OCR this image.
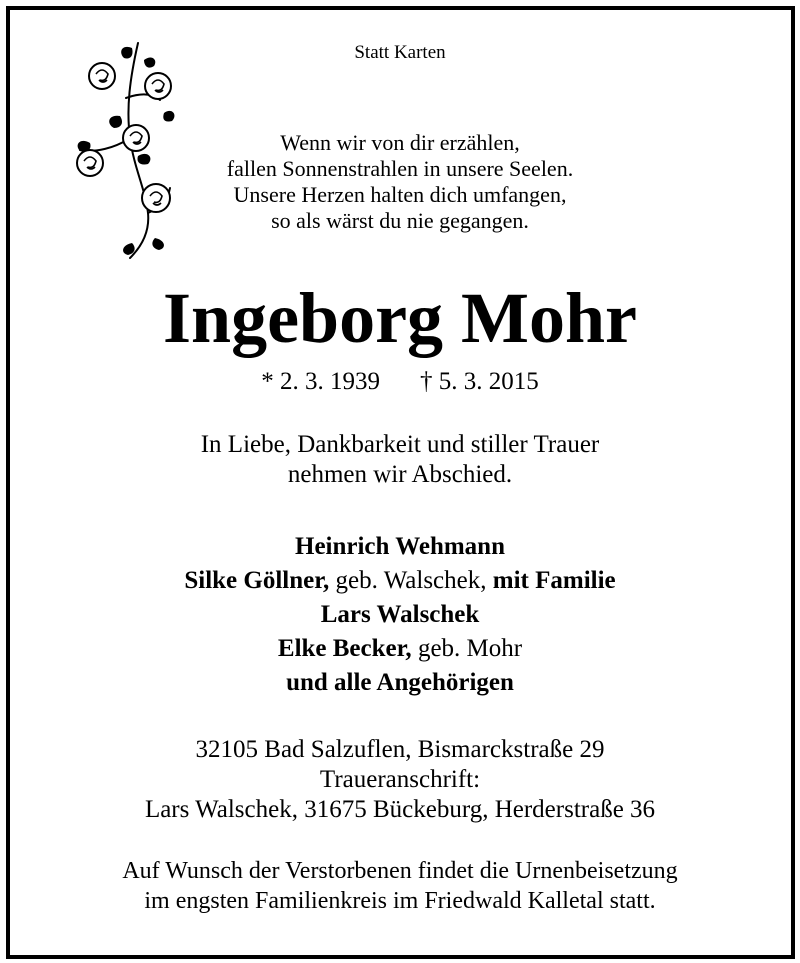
Statt Karten
Wenn wir von dir erzählen,
fallen Sonnenstrahlen in unsere Seelen.
Unsere Herzen halten dich umfangen,
so als wärst du nie gegangen.
Ingeborg Mohr
* 2. 3. 1939 † 5. 3. 2015
In Liebe, Dankbarkeit und stiller Trauer
nehmen wir Abschied.
Heinrich Wehmann
Silke Göllner, geb. Walschek, mit Familie
Lars Walschek
Elke Becker, geb. Mohr
und alle Angehörigen
32105 Bad Salzuflen, Bismarckstraße 29
Traueranschrift:
Lars Walschek, 31675 Bückeburg, Herderstraße 36
Auf Wunsch der Verstorbenen findet die Urnenbeisetzung
im engsten Familienkreis im Friedwald Kalletal statt.
